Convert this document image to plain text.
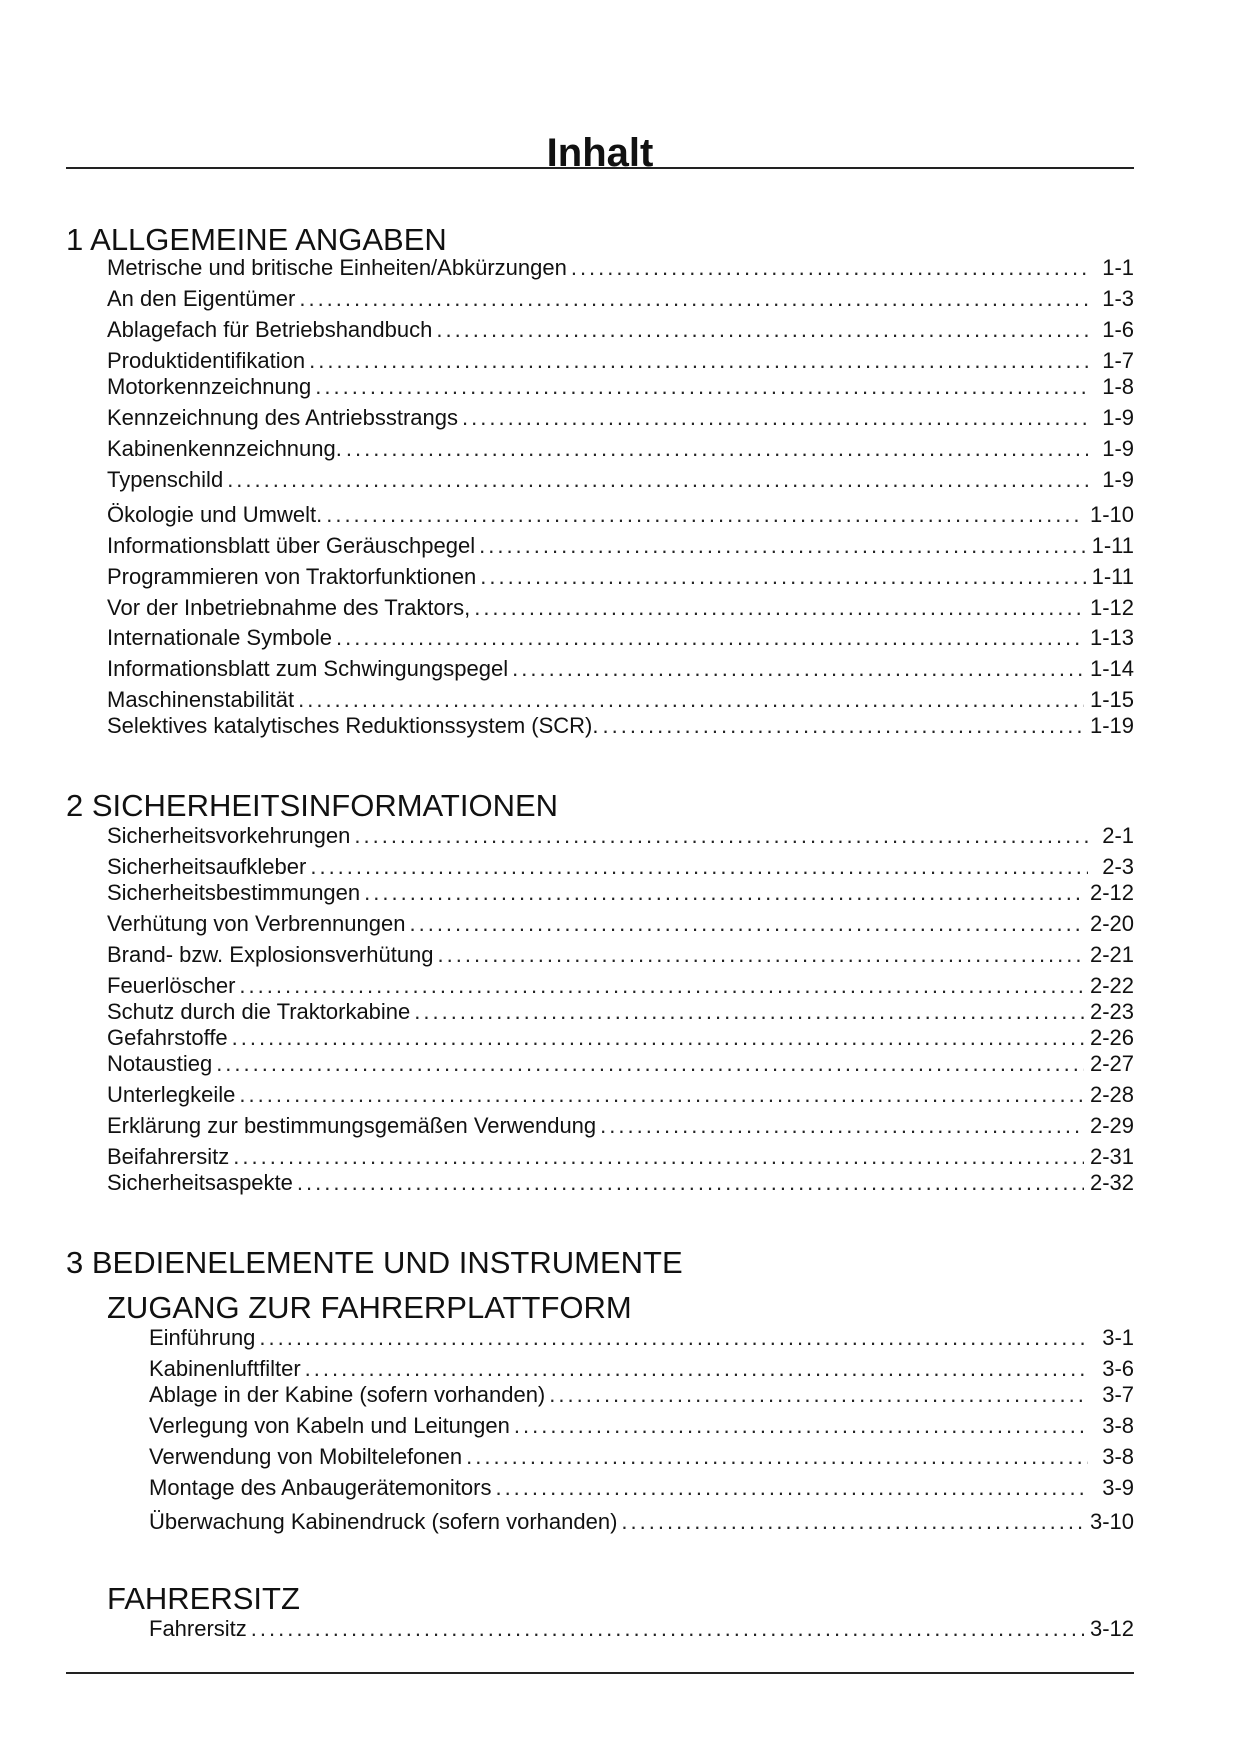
Inhalt
1 ALLGEMEINE ANGABEN
Metrische und britische Einheiten/Abkürzungen .....	1-1
An den Eigentümer .....	1-3
Ablagefach für Betriebshandbuch .....	1-6
Produktidentifikation .....	1-7
Motorkennzeichnung .....	1-8
Kennzeichnung des Antriebsstrangs .....	1-9
Kabinenkennzeichnung. .....	1-9
Typenschild .....	1-9
Ökologie und Umwelt. .....	1-10
Informationsblatt über Geräuschpegel .....	1-11
Programmieren von Traktorfunktionen .....	1-11
Vor der Inbetriebnahme des Traktors, .....	1-12
Internationale Symbole .....	1-13
Informationsblatt zum Schwingungspegel .....	1-14
Maschinenstabilität .....	1-15
Selektives katalytisches Reduktionssystem (SCR). .....	1-19
2 SICHERHEITSINFORMATIONEN
Sicherheitsvorkehrungen .....	2-1
Sicherheitsaufkleber .....	2-3
Sicherheitsbestimmungen .....	2-12
Verhütung von Verbrennungen .....	2-20
Brand- bzw. Explosionsverhütung .....	2-21
Feuerlöscher .....	2-22
Schutz durch die Traktorkabine .....	2-23
Gefahrstoffe .....	2-26
Notaustieg .....	2-27
Unterlegkeile .....	2-28
Erklärung zur bestimmungsgemäßen Verwendung .....	2-29
Beifahrersitz .....	2-31
Sicherheitsaspekte .....	2-32
3 BEDIENELEMENTE UND INSTRUMENTE
ZUGANG ZUR FAHRERPLATTFORM
Einführung .....	3-1
Kabinenluftfilter .....	3-6
Ablage in der Kabine (sofern vorhanden) .....	3-7
Verlegung von Kabeln und Leitungen .....	3-8
Verwendung von Mobiltelefonen .....	3-8
Montage des Anbaugerätemonitors .....	3-9
Überwachung Kabinendruck (sofern vorhanden) .....	3-10
FAHRERSITZ
Fahrersitz .....	3-12
